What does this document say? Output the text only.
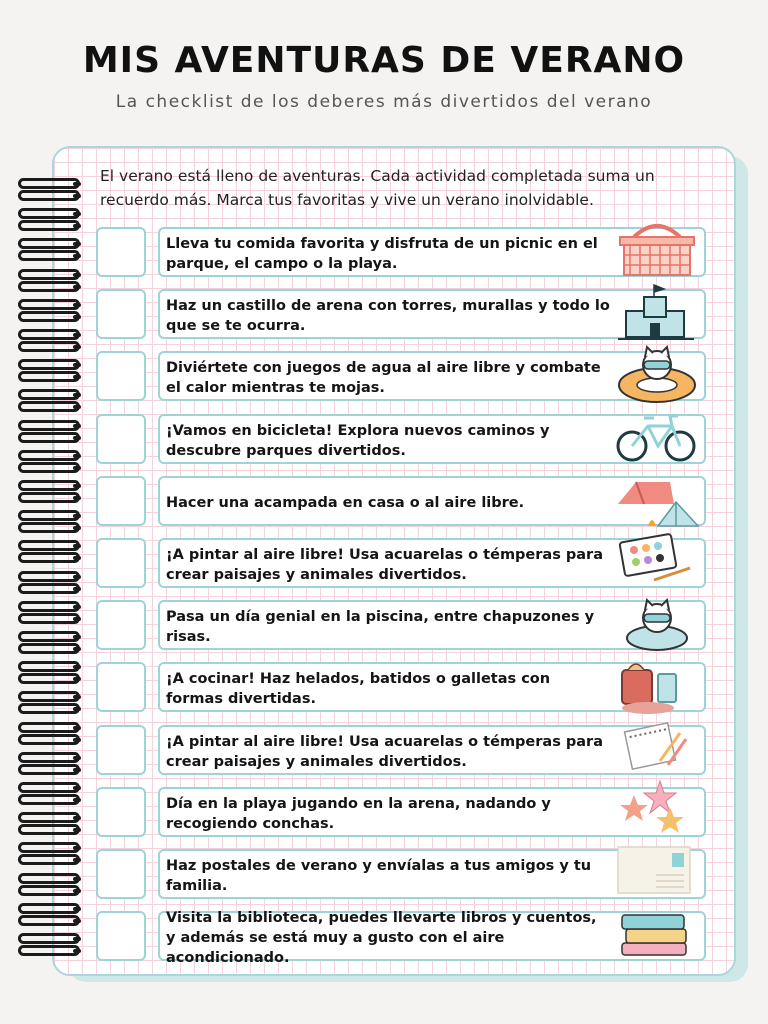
MIS AVENTURAS DE VERANO
La checklist de los deberes más divertidos del verano
El verano está lleno de aventuras. Cada actividad completada suma un recuerdo más. Marca tus favoritas y vive un verano inolvidable.
Lleva tu comida favorita y disfruta de un picnic en el parque, el campo o la playa.
Haz un castillo de arena con torres, murallas y todo lo que se te ocurra.
Diviértete con juegos de agua al aire libre y combate el calor mientras te mojas.
¡Vamos en bicicleta! Explora nuevos caminos y descubre parques divertidos.
Hacer una acampada en casa o al aire libre.
¡A pintar al aire libre! Usa acuarelas o témperas para crear paisajes y animales divertidos.
Pasa un día genial en la piscina, entre chapuzones y risas.
¡A cocinar! Haz helados, batidos o galletas con formas divertidas.
¡A pintar al aire libre! Usa acuarelas o témperas para crear paisajes y animales divertidos.
Día en la playa jugando en la arena, nadando y recogiendo conchas.
Haz postales de verano y envíalas a tus amigos y tu familia.
Visita la biblioteca, puedes llevarte libros y cuentos, y además se está muy a gusto con el aire acondicionado.
